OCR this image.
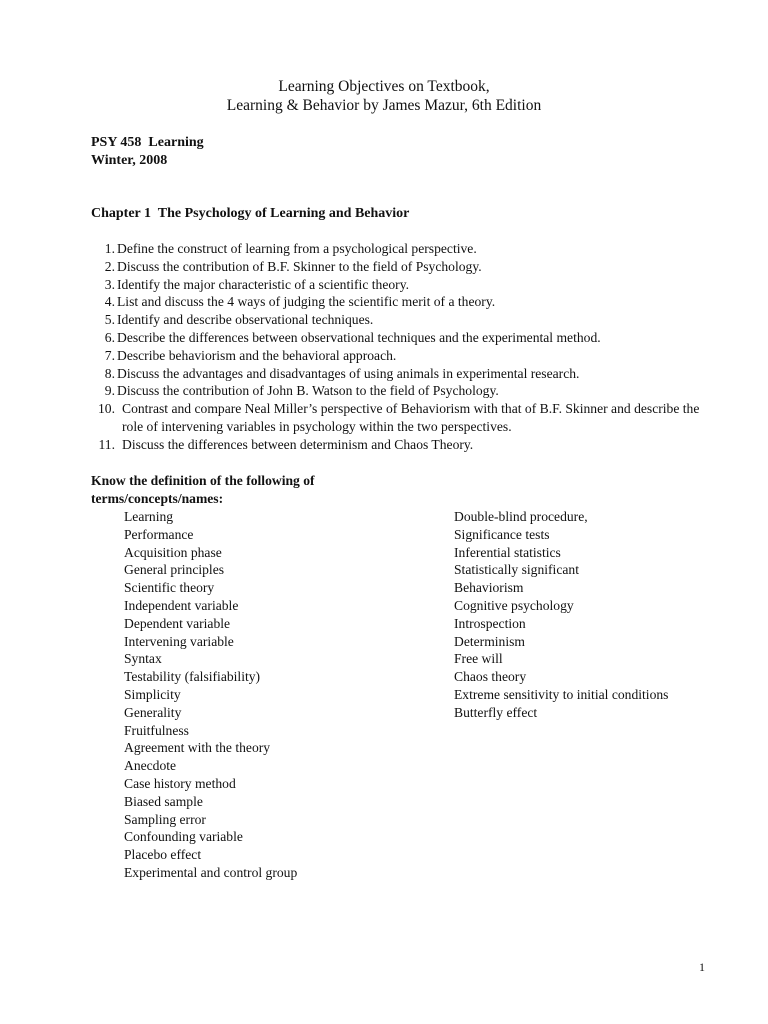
Learning Objectives on Textbook,
Learning & Behavior by James Mazur, 6th Edition
PSY 458  Learning
Winter, 2008
Chapter 1  The Psychology of Learning and Behavior
1. Define the construct of learning from a psychological perspective.
2. Discuss the contribution of B.F. Skinner to the field of Psychology.
3. Identify the major characteristic of a scientific theory.
4. List and discuss the 4 ways of judging the scientific merit of a theory.
5. Identify and describe observational techniques.
6. Describe the differences between observational techniques and the experimental method.
7. Describe behaviorism and the behavioral approach.
8. Discuss the advantages and disadvantages of using animals in experimental research.
9. Discuss the contribution of John B. Watson to the field of Psychology.
10. Contrast and compare Neal Miller’s perspective of Behaviorism with that of B.F. Skinner and describe the role of intervening variables in psychology within the two perspectives.
11. Discuss the differences between determinism and Chaos Theory.
Know the definition of the following of
terms/concepts/names:
Learning
Performance
Acquisition phase
General principles
Scientific theory
Independent variable
Dependent variable
Intervening variable
Syntax
Testability (falsifiability)
Simplicity
Generality
Fruitfulness
Agreement with the theory
Anecdote
Case history method
Biased sample
Sampling error
Confounding variable
Placebo effect
Experimental and control group
Double-blind procedure,
Significance tests
Inferential statistics
Statistically significant
Behaviorism
Cognitive psychology
Introspection
Determinism
Free will
Chaos theory
Extreme sensitivity to initial conditions
Butterfly effect
1
